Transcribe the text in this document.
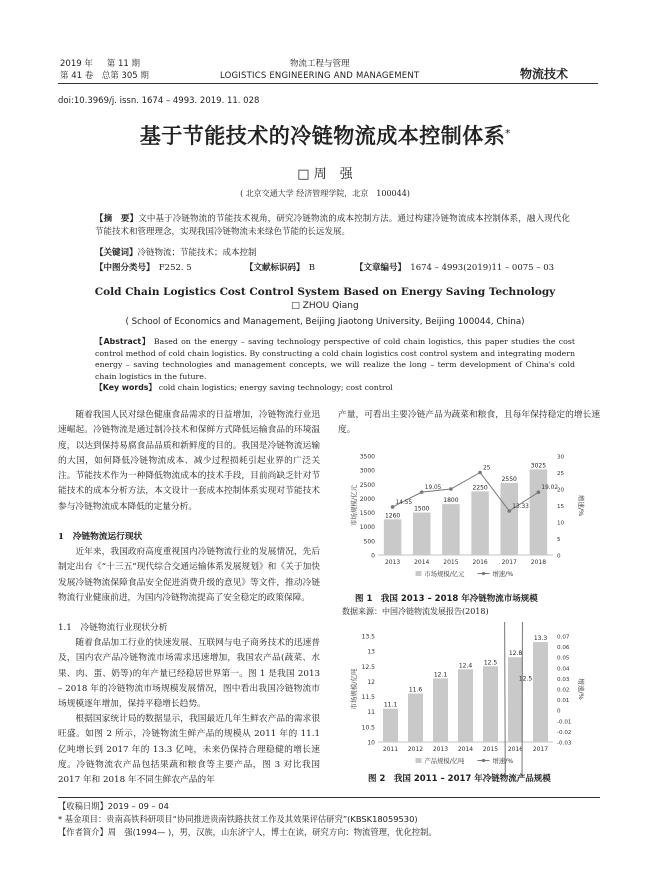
2019 年 　 第 11 期
第 41 卷　总第 305 期
物流工程与管理
LOGISTICS ENGINEERING AND MANAGEMENT	物流技术
doi:10.3969/j. issn. 1674 – 4993. 2019. 11. 028
基于节能技术的冷链物流成本控制体系*
□ 周　强
( 北京交通大学 经济管理学院，北京　100044)
【摘　要】文中基于冷链物流的节能技术视角，研究冷链物流的成本控制方法。通过构建冷链物流成本控制体系，融入现代化节能技术和管理理念，实现我国冷链物流未来绿色节能的长远发展。
【关键词】冷链物流；节能技术；成本控制
【中图分类号】　 F252. 5	【文献标识码】　 B	【文章编号】　 1674 – 4993(2019)11 – 0075 – 03
Cold Chain Logistics Cost Control System Based on Energy Saving Technology
□ ZHOU Qiang
( School of Economics and Management, Beijing Jiaotong University, Beijing 100044, China)
【Abstract】 Based on the energy – saving technology perspective of cold chain logistics, this paper studies the cost control method of cold chain logistics. By constructing a cold chain logistics cost control system and integrating modern energy – saving technologies and management concepts, we will realize the long – term development of China's cold chain logistics in the future.
【Key words】 cold chain logistics; energy saving technology; cost control
随着我国人民对绿色健康食品需求的日益增加，冷链物流行业迅速崛起。冷链物流是通过制冷技术和保鲜方式降低运输食品的环境温度，以达到保持易腐食品品质和新鲜度的目的。我国是冷链物流运输的大国，如何降低冷链物流成本、减少过程损耗引起业界的广泛关注。节能技术作为一种降低物流成本的技术手段，目前尚缺乏针对节能技术的成本分析方法，本文设计一套成本控制体系实现对节能技术参与冷链物流成本降低的定量分析。
1　冷链物流运行现状
近年来，我国政府高度重视国内冷链物流行业的发展情况，先后制定出台《“十三五”现代综合交通运输体系发展规划》和《关于加快发展冷链物流保障食品安全促进消费升级的意见》等文件，推动冷链物流行业健康前进，为国内冷链物流提高了安全稳定的政策保障。
1.1　冷链物流行业现状分析
随着食品加工行业的快速发展、互联网与电子商务技术的迅速普及，国内农产品冷链物流市场需求迅速增加，我国农产品(蔬菜、水果、肉、蛋、奶等)的年产量已经稳居世界第一。图 1 是我国 2013 – 2018 年的冷链物流市场规模发展情况，图中看出我国冷链物流市场规模逐年增加，保持平稳增长趋势。
根据国家统计局的数据显示，我国最近几年生鲜农产品的需求很旺盛。如图 2 所示，冷链物流生鲜产品的规模从 2011 年的 11.1 亿吨增长到 2017 年的 13.3 亿吨，未来仍保持合理稳健的增长速度。冷链物流农产品包括果蔬和粮食等主要产品，图 3 对比我国 2017 年和 2018 年不同生鲜农产品的年
产量，可看出主要冷链产品为蔬菜和粮食，且每年保持稳定的增长速度。
0
500
1000
1500
2000
2500
3000
3500
0
5
10
15
20
25
30
市场规模/亿元	增速/%
1260
2013
1500
2014
1800
2015
2250
2016
2550
2017
3025
2018
14.55
19.05
25
13.33
19.02
市场规模/亿元	增速/%
图 1　我国 2013 – 2018 年冷链物流市场规模
数据来源：中国冷链物流发展报告(2018)
10
10.5
11
11.5
12
12.5
13
13.5
-0.03
-0.02
-0.01
0
0.01
0.02
0.03
0.04
0.05
0.06
0.07
市场规模/亿吨	增速/%
11.1
2011
11.6
2012
12.1
2013
12.4
2014
12.5
2015
12.8
2016
13.3
2017
12.5
产品规模/亿吨	增速/%
图 2　我国 2011 – 2017 年冷链物流产品规模
【收稿日期】2019 – 09 – 04
* 基金项目：贵南高铁科研项目“协同推进贵南铁路扶贫工作及其效果评估研究”(KBSK18059530)
【作者简介】周　强(1994— )，男，汉族，山东济宁人，博士在读，研究方向：物流管理，优化控制。
